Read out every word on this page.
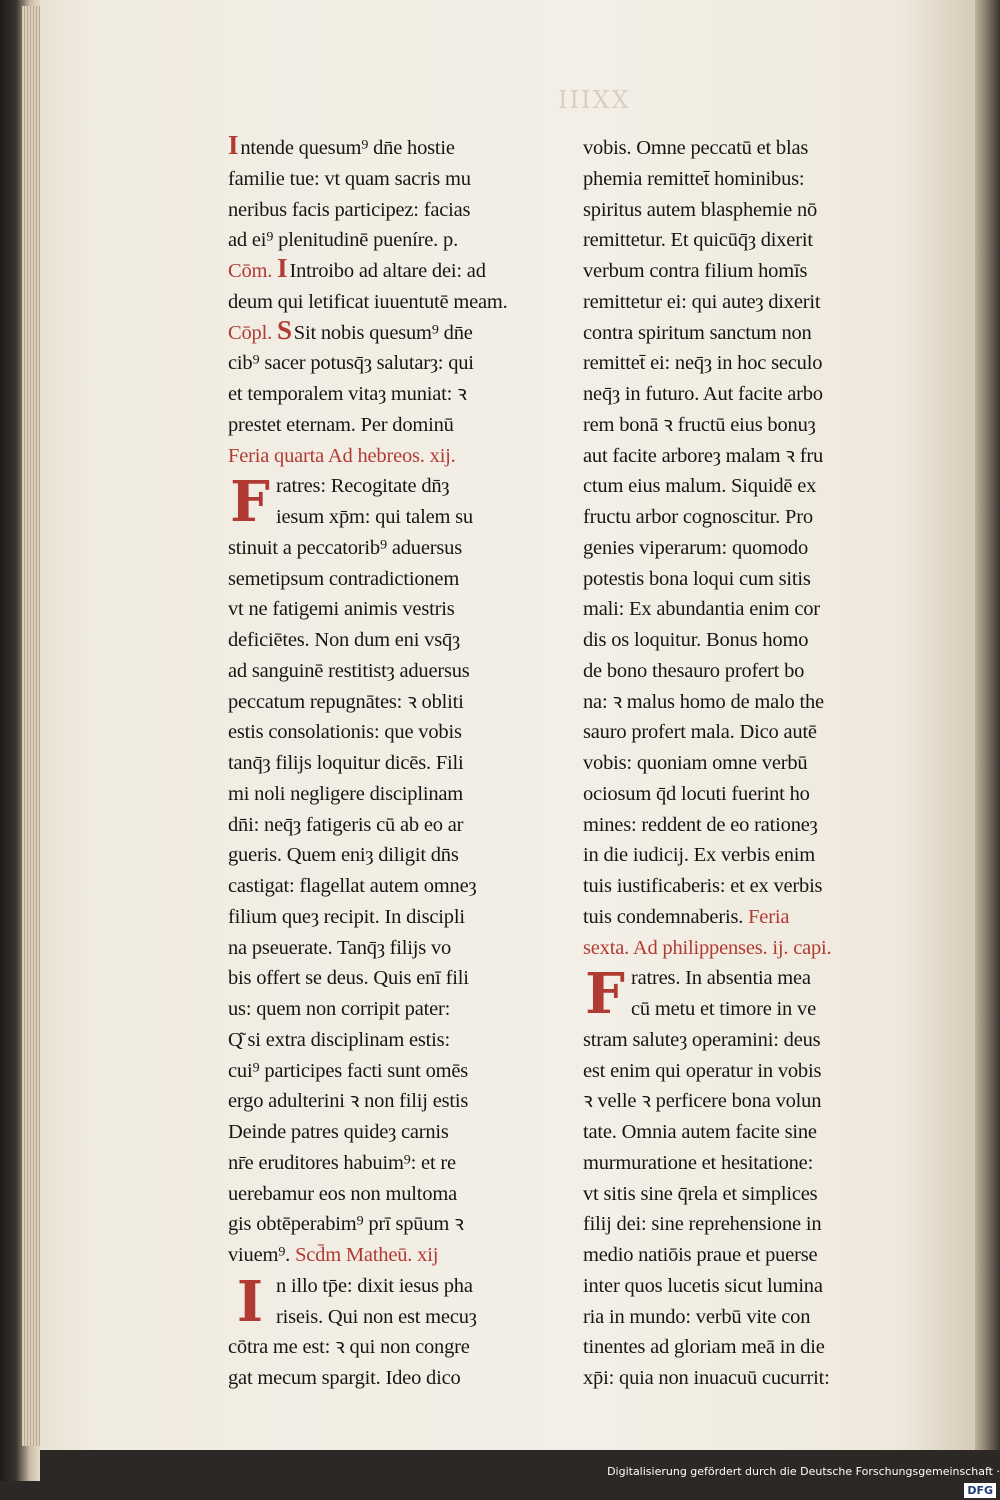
IIIXX
Intende quesum⁹ dn̄e hostie
familie tue: vt quam sacris mu
neribus facis participez: facias
ad ei⁹ plenitudinē pueníre. p.
Cōm. IIntroibo ad altare dei: ad
deum qui letificat iuuentutē meam.
Cōpl. SSit nobis quesum⁹ dn̄e
cib⁹ sacer potusq̄ȝ salutarȝ: qui
et temporalem vitaȝ muniat: ꝛ
prestet eternam. Per dominū
Feria quarta Ad hebreos. xij.
F ratres: Recogitate dn̄ȝ
iesum xp̄m: qui talem su
stinuit a peccatorib⁹ aduersus
semetipsum contradictionem
vt ne fatigemi animis vestris
deficiētes. Non dum eni vsq̄ȝ
ad sanguinē restitistȝ aduersus
peccatum repugnātes: ꝛ obliti
estis consolationis: que vobis
tanq̄ȝ filijs loquitur dicēs. Fili
mi noli negligere disciplinam
dn̄i: neq̄ȝ fatigeris cū ab eo ar
gueris. Quem eniȝ diligit dn̄s
castigat: flagellat autem omneȝ
filium queȝ recipit. In discipli
na pseuerate. Tanq̄ȝ filijs vo
bis offert se deus. Quis enī fili
us: quem non corripit pater:
Q͂ si extra disciplinam estis:
cui⁹ participes facti sunt omēs
ergo adulterini ꝛ non filij estis
Deinde patres quideȝ carnis
nr̄e eruditores habuim⁹: et re
uerebamur eos non multoma
gis obtēperabim⁹ prī spūum ꝛ
viuem⁹. Scd̄m Matheū. xij
I n illo tp̄e: dixit iesus pha
riseis. Qui non est mecuȝ
cōtra me est: ꝛ qui non congre
gat mecum spargit. Ideo dico
vobis. Omne peccatū et blas
phemia remittet̄ hominibus:
spiritus autem blasphemie nō
remittetur. Et quicūq̄ȝ dixerit
verbum contra filium homīs
remittetur ei: qui auteȝ dixerit
contra spiritum sanctum non
remittet̄ ei: neq̄ȝ in hoc seculo
neq̄ȝ in futuro. Aut facite arbo
rem bonā ꝛ fructū eius bonuȝ
aut facite arboreȝ malam ꝛ fru
ctum eius malum. Siquidē ex
fructu arbor cognoscitur. Pro
genies viperarum: quomodo
potestis bona loqui cum sitis
mali: Ex abundantia enim cor
dis os loquitur. Bonus homo
de bono thesauro profert bo
na: ꝛ malus homo de malo the
sauro profert mala. Dico autē
vobis: quoniam omne verbū
ociosum q̄d locuti fuerint ho
mines: reddent de eo rationeȝ
in die iudicij. Ex verbis enim
tuis iustificaberis: et ex verbis
tuis condemnaberis. Feria
sexta. Ad philippenses. ij. capi.
F ratres. In absentia mea
cū metu et timore in ve
stram saluteȝ operamini: deus
est enim qui operatur in vobis
ꝛ velle ꝛ perficere bona volun
tate. Omnia autem facite sine
murmuratione et hesitatione:
vt sitis sine q̄rela et simplices
filij dei: sine reprehensione in
medio natiōis praue et puerse
inter quos lucetis sicut lumina
ria in mundo: verbū vite con
tinentes ad gloriam meā in die
xp̄i: quia non inuacuū cucurrit:
Digitalisierung gefördert durch die Deutsche Forschungsgemeinschaft · DFG
